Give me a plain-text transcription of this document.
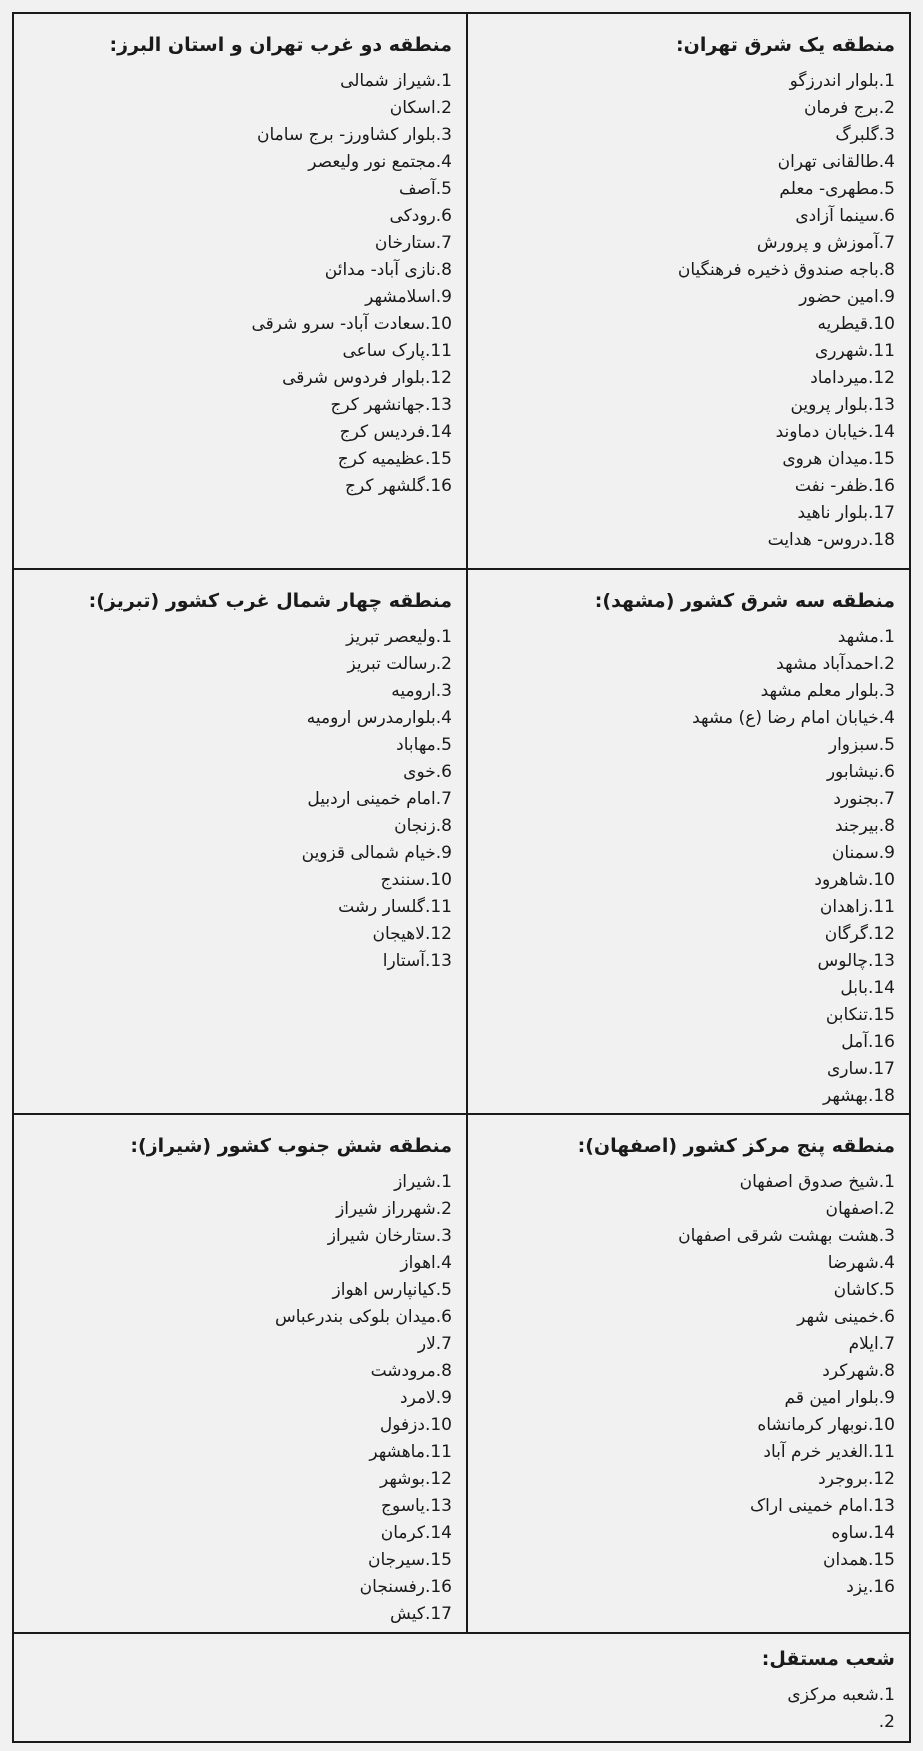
منطقه یک شرق تهران:
1.بلوار اندرزگو
2.برج فرمان
3.گلبرگ
4.طالقانی تهران
5.مطهری- معلم
6.سینما آزادی
7.آموزش و پرورش
8.باجه صندوق ذخیره فرهنگیان
9.امین حضور
10.قیطریه
11.شهرری
12.میرداماد
13.بلوار پروین
14.خیابان دماوند
15.میدان هروی
16.ظفر- نفت
17.بلوار ناهید
18.دروس- هدایت
منطقه دو غرب تهران و استان البرز:
1.شیراز شمالی
2.اسکان
3.بلوار کشاورز- برج سامان
4.مجتمع نور ولیعصر
5.آصف
6.رودکی
7.ستارخان
8.نازی آباد- مدائن
9.اسلامشهر
10.سعادت آباد- سرو شرقی
11.پارک ساعی
12.بلوار فردوس شرقی
13.جهانشهر کرج
14.فردیس کرج
15.عظیمیه کرج
16.گلشهر کرج
منطقه سه شرق کشور (مشهد):
1.مشهد
2.احمدآباد مشهد
3.بلوار معلم مشهد
4.خیابان امام رضا (ع) مشهد
5.سبزوار
6.نیشابور
7.بجنورد
8.بیرجند
9.سمنان
10.شاهرود
11.زاهدان
12.گرگان
13.چالوس
14.بابل
15.تنکابن
16.آمل
17.ساری
18.بهشهر
منطقه چهار شمال غرب کشور (تبریز):
1.ولیعصر تبریز
2.رسالت تبریز
3.ارومیه
4.بلوارمدرس ارومیه
5.مهاباد
6.خوی
7.امام خمینی اردبیل
8.زنجان
9.خیام شمالی قزوین
10.سنندج
11.گلسار رشت
12.لاهیجان
13.آستارا
منطقه پنج مرکز کشور (اصفهان):
1.شیخ صدوق اصفهان
2.اصفهان
3.هشت بهشت شرقی اصفهان
4.شهرضا
5.کاشان
6.خمینی شهر
7.ایلام
8.شهرکرد
9.بلوار امین قم
10.نوبهار کرمانشاه
11.الغدیر خرم آباد
12.بروجرد
13.امام خمینی اراک
14.ساوه
15.همدان
16.یزد
منطقه شش جنوب کشور (شیراز):
1.شیراز
2.شهرراز شیراز
3.ستارخان شیراز
4.اهواز
5.کیانپارس اهواز
6.میدان بلوکی بندرعباس
7.لار
8.مرودشت
9.لامرد
10.دزفول
11.ماهشهر
12.بوشهر
13.یاسوج
14.کرمان
15.سیرجان
16.رفسنجان
17.کیش
شعب مستقل:
1.شعبه مرکزی
2.
